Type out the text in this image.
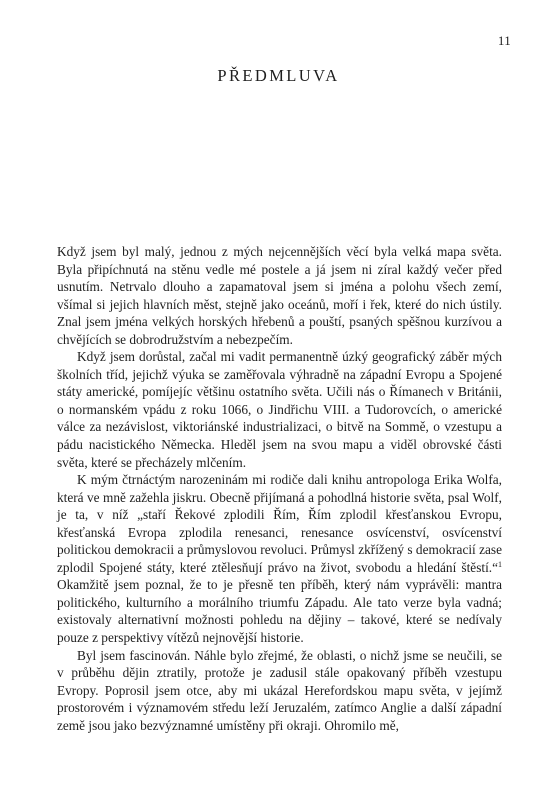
11
PŘEDMLUVA

Když jsem byl malý, jednou z mých nejcennějších věcí byla velká mapa světa. Byla připíchnutá na stěnu vedle mé postele a já jsem ni zíral každý večer před usnutím. Netrvalo dlouho a zapamatoval jsem si jména a polohu všech zemí, všímal si jejich hlavních měst, stejně jako oceánů, moří i řek, které do nich ústily. Znal jsem jména velkých horských hřebenů a pouští, psaných spěšnou kurzívou a chvějících se dobrodružstvím a nebezpečím.

Když jsem dorůstal, začal mi vadit permanentně úzký geografický záběr mých školních tříd, jejichž výuka se zaměřovala výhradně na západní Evropu a Spojené státy americké, pomíjejíc většinu ostatního světa. Učili nás o Římanech v Británii, o normanském vpádu z roku 1066, o Jindřichu VIII. a Tudorovcích, o americké válce za nezávislost, viktoriánské industrializaci, o bitvě na Sommě, o vzestupu a pádu nacistického Německa. Hleděl jsem na svou mapu a viděl obrovské části světa, které se přecházely mlčením.

K mým čtrnáctým narozeninám mi rodiče dali knihu antropologa Erika Wolfa, která ve mně zažehla jiskru. Obecně přijímaná a pohodlná historie světa, psal Wolf, je ta, v níž „staří Řekové zplodili Řím, Řím zplodil křesťanskou Evropu, křesťanská Evropa zplodila renesanci, renesance osvícenství, osvícenství politickou demokracii a průmyslovou revoluci. Průmysl zkřížený s demokracií zase zplodil Spojené státy, které ztělesňují právo na život, svobodu a hledání štěstí.“$^1$ Okamžitě jsem poznal, že to je přesně ten příběh, který nám vyprávěli: mantra politického, kulturního a morálního triumfu Západu. Ale tato verze byla vadná; existovaly alternativní možnosti pohledu na dějiny – takové, které se nedívaly pouze z perspektivy vítězů nejnovější historie.

Byl jsem fascinován. Náhle bylo zřejmé, že oblasti, o nichž jsme se neučili, se v průběhu dějin ztratily, protože je zadusil stále opakovaný příběh vzestupu Evropy. Poprosil jsem otce, aby mi ukázal Herefordskou mapu světa, v jejímž prostorovém i významovém středu leží Jeruzalém, zatímco Anglie a další západní země jsou jako bezvýznamné umístěny při okraji. Ohromilo mě,
